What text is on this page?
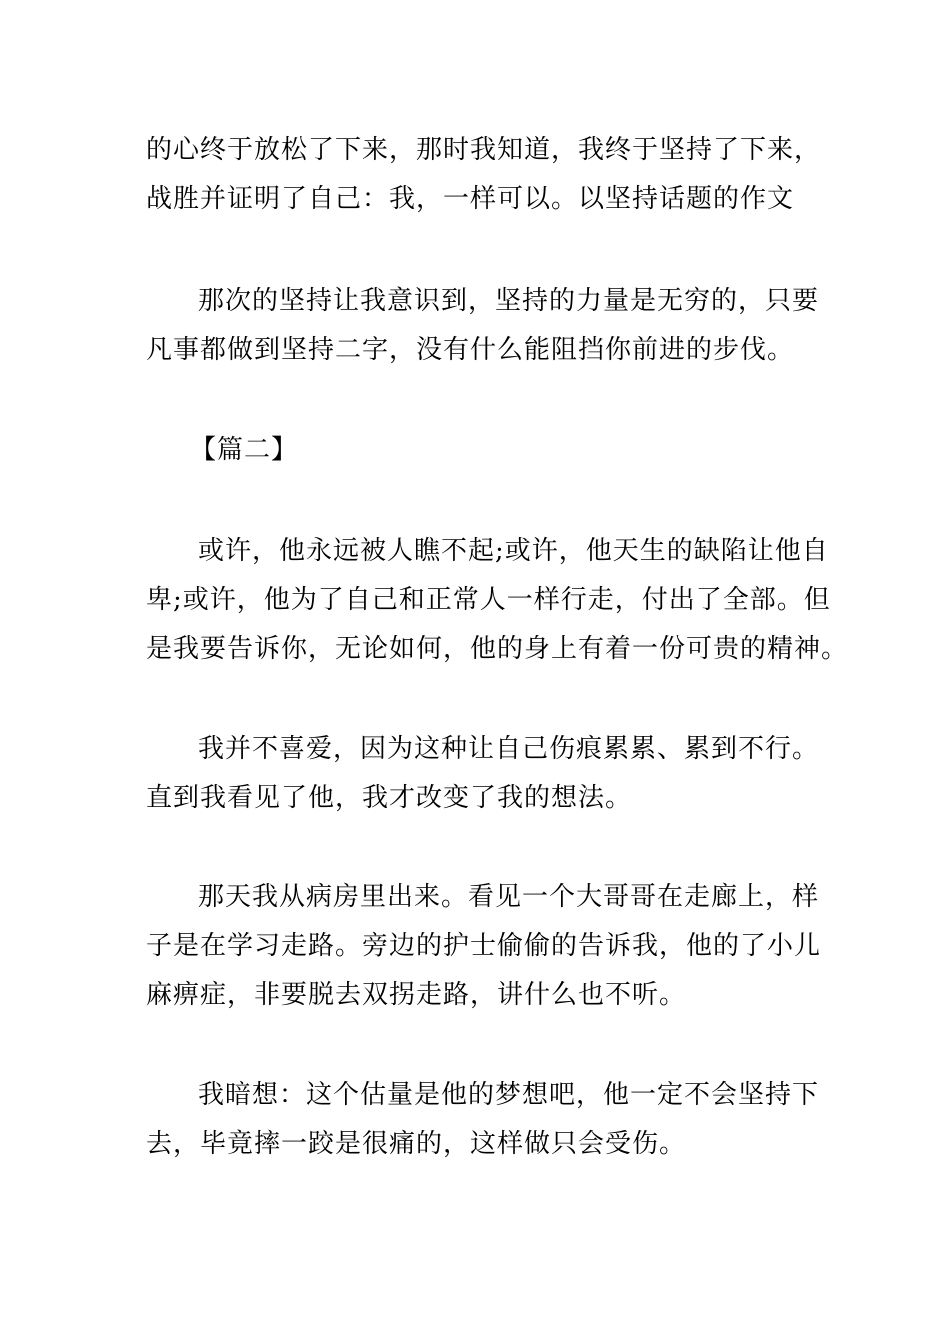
的心终于放松了下来，那时我知道，我终于坚持了下来，

战胜并证明了自己：我，一样可以。以坚持话题的作文

那次的坚持让我意识到，坚持的力量是无穷的，只要

凡事都做到坚持二字，没有什么能阻挡你前进的步伐。

【篇二】

或许，他永远被人瞧不起;或许，他天生的缺陷让他自

卑;或许，他为了自己和正常人一样行走，付出了全部。但

是我要告诉你，无论如何，他的身上有着一份可贵的精神。

我并不喜爱，因为这种让自己伤痕累累、累到不行。

直到我看见了他，我才改变了我的想法。

那天我从病房里出来。看见一个大哥哥在走廊上，样

子是在学习走路。旁边的护士偷偷的告诉我，他的了小儿

麻痹症，非要脱去双拐走路，讲什么也不听。

我暗想：这个估量是他的梦想吧，他一定不会坚持下

去，毕竟摔一跤是很痛的，这样做只会受伤。
